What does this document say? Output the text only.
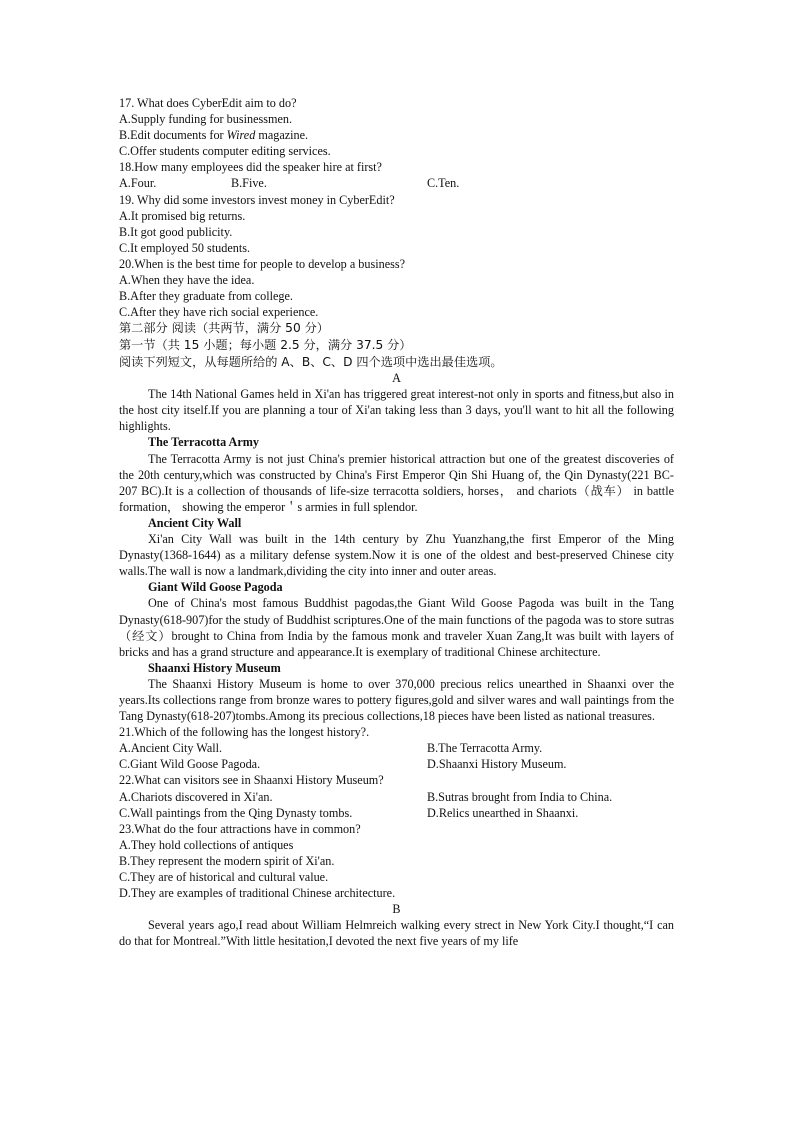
17. What does CyberEdit aim to do?
A.Supply funding for businessmen.
B.Edit documents for Wired magazine.
C.Offer students computer editing services.
18.How many employees did the speaker hire at first?
A.Four.	B.Five.	C.Ten.
19. Why did some investors invest money in CyberEdit?
A.It promised big returns.
B.It got good publicity.
C.It employed 50 students.
20.When is the best time for people to develop a business?
A.When they have the idea.
B.After they graduate from college.
C.After they have rich social experience.
第二部分 阅读（共两节，满分 50 分）
第一节（共 15 小题；每小题 2.5 分，满分 37.5 分）
阅读下列短文，从每题所给的 A、B、C、D 四个选项中选出最佳选项。
A
The 14th National Games held in Xi'an has triggered great interest-not only in sports and fitness,but also in the host city itself.If you are planning a tour of Xi'an taking less than 3 days, you'll want to hit all the following highlights.
The Terracotta Army
The Terracotta Army is not just China's premier historical attraction but one of the greatest discoveries of the 20th century,which was constructed by China's First Emperor Qin Shi Huang of, the Qin Dynasty(221 BC-207 BC).It is a collection of thousands of life-size terracotta soldiers, horses， and chariots（战车） in battle formation， showing the emperor＇s armies in full splendor.
Ancient City Wall
Xi'an City Wall was built in the 14th century by Zhu Yuanzhang,the first Emperor of the Ming Dynasty(1368-1644) as a military defense system.Now it is one of the oldest and best-preserved Chinese city walls.The wall is now a landmark,dividing the city into inner and outer areas.
Giant Wild Goose Pagoda
One of China's most famous Buddhist pagodas,the Giant Wild Goose Pagoda was built in the Tang Dynasty(618-907)for the study of Buddhist scriptures.One of the main functions of the pagoda was to store sutras（经文）brought to China from India by the famous monk and traveler Xuan Zang,It was built with layers of bricks and has a grand structure and appearance.It is exemplary of traditional Chinese architecture.
Shaanxi History Museum
The Shaanxi History Museum is home to over 370,000 precious relics unearthed in Shaanxi over the years.Its collections range from bronze wares to pottery figures,gold and silver wares and wall paintings from the Tang Dynasty(618-207)tombs.Among its precious collections,18 pieces have been listed as national treasures.
21.Which of the following has the longest history?.
A.Ancient City Wall.	B.The Terracotta Army.
C.Giant Wild Goose Pagoda.	D.Shaanxi History Museum.
22.What can visitors see in Shaanxi History Museum?
A.Chariots discovered in Xi'an.	B.Sutras brought from India to China.
C.Wall paintings from the Qing Dynasty tombs.	D.Relics unearthed in Shaanxi.
23.What do the four attractions have in common?
A.They hold collections of antiques
B.They represent the modern spirit of Xi'an.
C.They are of historical and cultural value.
D.They are examples of traditional Chinese architecture.
B
Several years ago,I read about William Helmreich walking every strect in New York City.I thought,“I can do that for Montreal.”With little hesitation,I devoted the next five years of my life
